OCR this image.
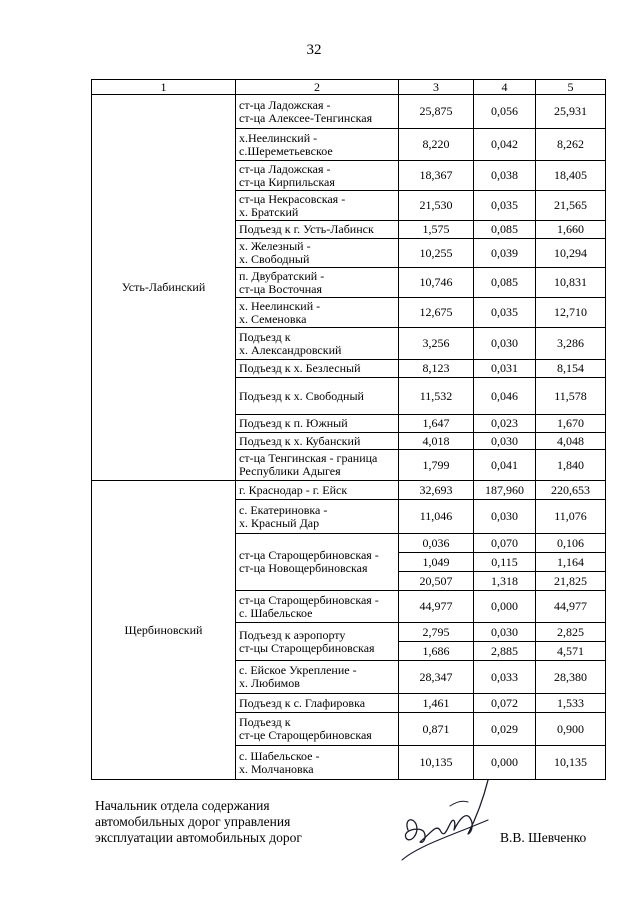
32
1	2	3	4	5
Усть-Лабинский	ст-ца Ладожская -
ст-ца Алексее-Тенгинская	25,875	0,056	25,931

	х.Неелинский -
с.Шереметьевское	8,220	0,042	8,262

	ст-ца Ладожская -
ст-ца Кирпильская	18,367	0,038	18,405

	ст-ца Некрасовская -
х. Братский	21,530	0,035	21,565

	Подъезд к г. Усть-Лабинск	1,575	0,085	1,660

	х. Железный -
х. Свободный	10,255	0,039	10,294

	п. Двубратский -
ст-ца Восточная	10,746	0,085	10,831

	х. Неелинский -
х. Семеновка	12,675	0,035	12,710

	Подъезд к
х. Александровский	3,256	0,030	3,286

	Подъезд к х. Безлесный	8,123	0,031	8,154

	Подъезд к х. Свободный	11,532	0,046	11,578

	Подъезд к п. Южный	1,647	0,023	1,670

	Подъезд к х. Кубанский	4,018	0,030	4,048

	ст-ца Тенгинская - граница
Республики Адыгея	1,799	0,041	1,840
Щербиновский	г. Краснодар - г. Ейск	32,693	187,960	220,653

	с. Екатериновка -
х. Красный Дар	11,046	0,030	11,076

	ст-ца Старощербиновская -
ст-ца Новощербиновская	0,036	0,070	0,106
		1,049	0,115	1,164
		20,507	1,318	21,825

	ст-ца Старощербиновская -
с. Шабельское	44,977	0,000	44,977

	Подъезд к аэропорту
ст-цы Старощербиновская	2,795	0,030	2,825
		1,686	2,885	4,571

	с. Ейское Укрепление -
х. Любимов	28,347	0,033	28,380

	Подъезд к с. Глафировка	1,461	0,072	1,533

	Подъезд к
ст-це Старощербиновская	0,871	0,029	0,900

	с. Шабельское -
х. Молчановка	10,135	0,000	10,135
Начальник отдела содержания
автомобильных дорог управления
эксплуатации автомобильных дорог	В.В. Шевченко
